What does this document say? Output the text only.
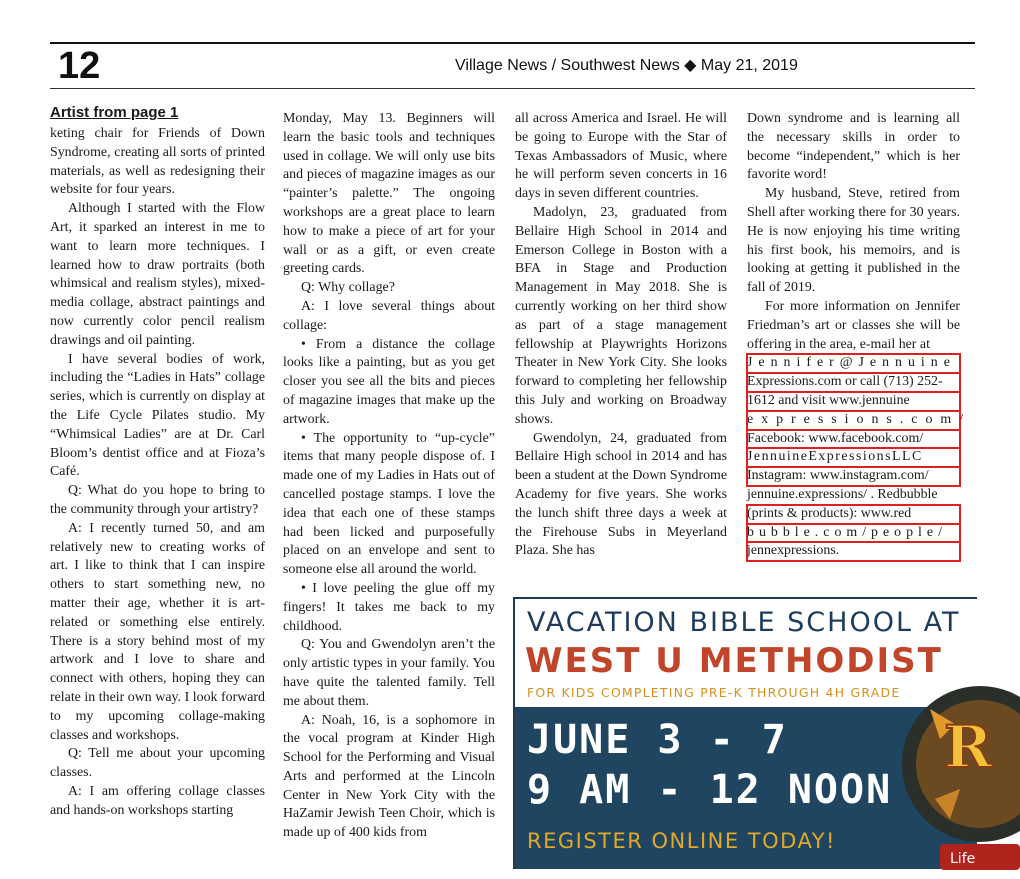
12	Village News / Southwest News ◆ May 21, 2019
Artist from page 1

keting chair for Friends of Down Syndrome, creating all sorts of printed materials, as well as redesigning their website for four years.

Although I started with the Flow Art, it sparked an interest in me to want to learn more techniques. I learned how to draw portraits (both whimsical and realism styles), mixed-media collage, abstract paintings and now currently color pencil realism drawings and oil painting.

I have several bodies of work, including the “Ladies in Hats” collage series, which is currently on display at the Life Cycle Pilates studio. My “Whimsical Ladies” are at Dr. Carl Bloom’s dentist office and at Fioza’s Café.

Q: What do you hope to bring to the community through your artistry?

A: I recently turned 50, and am relatively new to creating works of art. I like to think that I can inspire others to start something new, no matter their age, whether it is art-related or something else entirely. There is a story behind most of my artwork and I love to share and connect with others, hoping they can relate in their own way. I look forward to my upcoming collage-making classes and workshops.

Q: Tell me about your upcoming classes.

A: I am offering collage classes and hands-on workshops starting

Monday, May 13. Beginners will learn the basic tools and techniques used in collage. We will only use bits and pieces of magazine images as our “painter’s palette.” The ongoing workshops are a great place to learn how to make a piece of art for your wall or as a gift, or even create greeting cards.

Q: Why collage?

A: I love several things about collage:

• From a distance the collage looks like a painting, but as you get closer you see all the bits and pieces of magazine images that make up the artwork.

• The opportunity to “up-cycle” items that many people dispose of. I made one of my Ladies in Hats out of cancelled postage stamps. I love the idea that each one of these stamps had been licked and purposefully placed on an envelope and sent to someone else all around the world.

• I love peeling the glue off my fingers! It takes me back to my childhood.

Q: You and Gwendolyn aren’t the only artistic types in your family. You have quite the talented family. Tell me about them.

A: Noah, 16, is a sophomore in the vocal program at Kinder High School for the Performing and Visual Arts and performed at the Lincoln Center in New York City with the HaZamir Jewish Teen Choir, which is made up of 400 kids from

all across America and Israel. He will be going to Europe with the Star of Texas Ambassadors of Music, where he will perform seven concerts in 16 days in seven different countries.

Madolyn, 23, graduated from Bellaire High School in 2014 and Emerson College in Boston with a BFA in Stage and Production Management in May 2018. She is currently working on her third show as part of a stage management fellowship at Playwrights Horizons Theater in New York City. She looks forward to completing her fellowship this July and working on Broadway shows.

Gwendolyn, 24, graduated from Bellaire High school in 2014 and has been a student at the Down Syndrome Academy for five years. She works the lunch shift three days a week at the Firehouse Subs in Meyerland Plaza. She has

Down syndrome and is learning all the necessary skills in order to become “independent,” which is her favorite word!

My husband, Steve, retired from Shell after working there for 30 years. He is now enjoying his time writing his first book, his memoirs, and is looking at getting it published in the fall of 2019.

For more information on Jennifer Friedman’s art or classes she will be offering in the area, e-mail her at

Jennifer@Jennuine
Expressions.com or call (713) 252-
1612 and visit www.jennuine
expressions.com/
Facebook: www.facebook.com/
JennuineExpressionsLLC
Instagram: www.instagram.com/
jennuine.expressions/ . Redbubble
(prints & products): www.red
bubble.com/people/
jennexpressions.
VACATION BIBLE SCHOOL AT
WEST U METHODIST
FOR KIDS COMPLETING PRE-K THROUGH 4H GRADE
JUNE 3 - 7
9 AM - 12 NOON
REGISTER ONLINE TODAY!
R
Life
